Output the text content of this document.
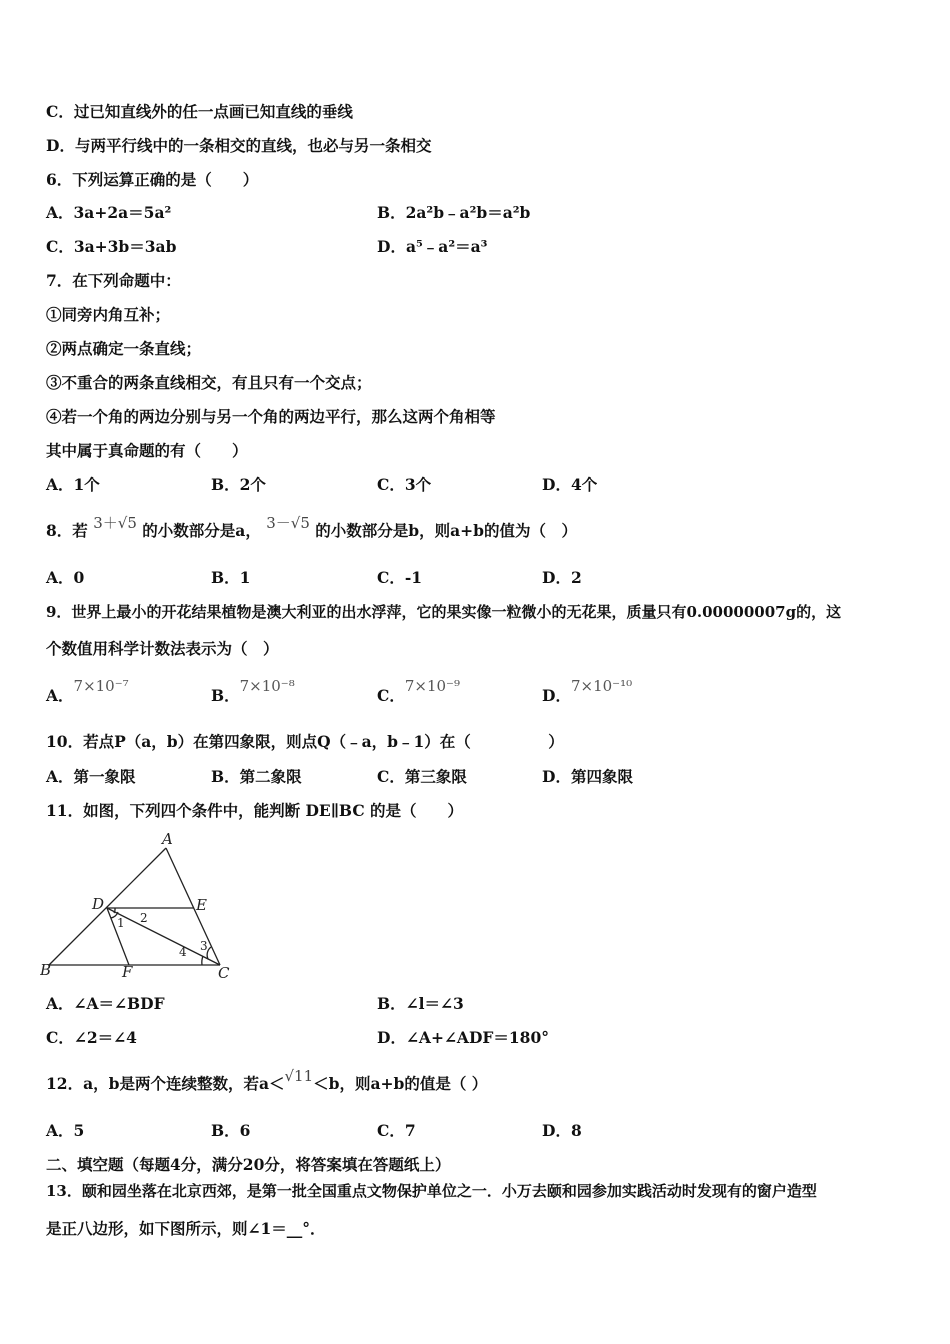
C．过已知直线外的任一点画已知直线的垂线
D．与两平行线中的一条相交的直线，也必与另一条相交
6．下列运算正确的是（　　）
A．3a+2a＝5a²	B．2a²b﹣a²b＝a²b
C．3a+3b＝3ab	D．a⁵﹣a²＝a³
7．在下列命题中：
①同旁内角互补；
②两点确定一条直线；
③不重合的两条直线相交，有且只有一个交点；
④若一个角的两边分别与另一个角的两边平行，那么这两个角相等
其中属于真命题的有（　　）
A．1个	B．2个	C．3个	D．4个
8．若 3＋√5 的小数部分是a， 3－√5 的小数部分是b，则a+b的值为（　）
A．0	B．1	C．-1	D．2
9．世界上最小的开花结果植物是澳大利亚的出水浮萍，它的果实像一粒微小的无花果，质量只有0.00000007g的，这
个数值用科学计数法表示为（　）
A．7×10⁻⁷	B．7×10⁻⁸	C．7×10⁻⁹	D．7×10⁻¹⁰
10．若点P（a，b）在第四象限，则点Q（﹣a，b﹣1）在（　　　　　）
A．第一象限	B．第二象限	C．第三象限	D．第四象限
11．如图，下列四个条件中，能判断 DE∥BC 的是（　　）
A
B	C
D	E
F
1 2
3
4
A．∠A＝∠BDF	B．∠l＝∠3
C．∠2＝∠4	D．∠A+∠ADF＝180°
12．a，b是两个连续整数，若a＜√11＜b，则a+b的值是（ ）
A．5	B．6	C．7	D．8
二、填空题（每题4分，满分20分，将答案填在答题纸上）
13．颐和园坐落在北京西郊，是第一批全国重点文物保护单位之一．小万去颐和园参加实践活动时发现有的窗户造型
是正八边形，如下图所示，则∠1＝__°．
